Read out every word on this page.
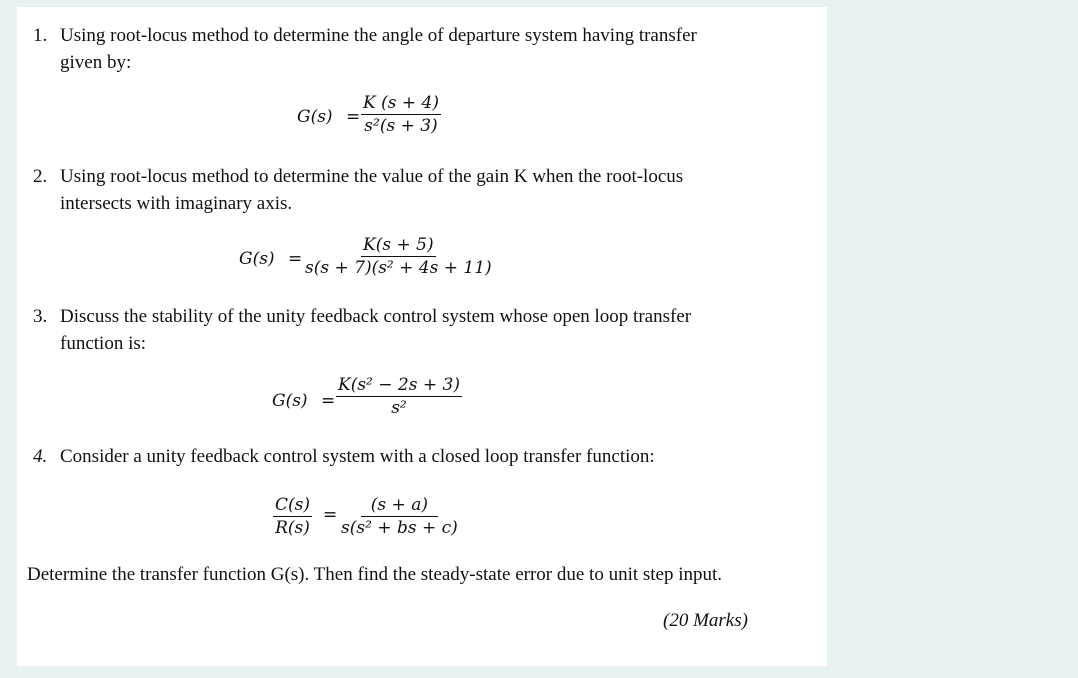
1. Using root-locus method to determine the angle of departure system having transfer
given by:
$G(s) = \frac{K (s + 4)}{\text{s²(s + 3)}}$
2. Using root-locus method to determine the value of the gain K when the root-locus
intersects with imaginary axis.
$G(s) = \frac{K(s + 5)}{\text{s(s + 7)(s² + 4s + 11)}}$
3. Discuss the stability of the unity feedback control system whose open loop transfer
function is:
$G(s) = \frac{\text{K(s² − 2s + 3)}}{\text{s²}}$
4. Consider a unity feedback control system with a closed loop transfer function:
$\frac{C(s)}{R(s)} = \frac{(s + a)}{\text{s(s² + bs + c)}}$
Determine the transfer function G(s). Then find the steady-state error due to unit step input.
(20 Marks)
